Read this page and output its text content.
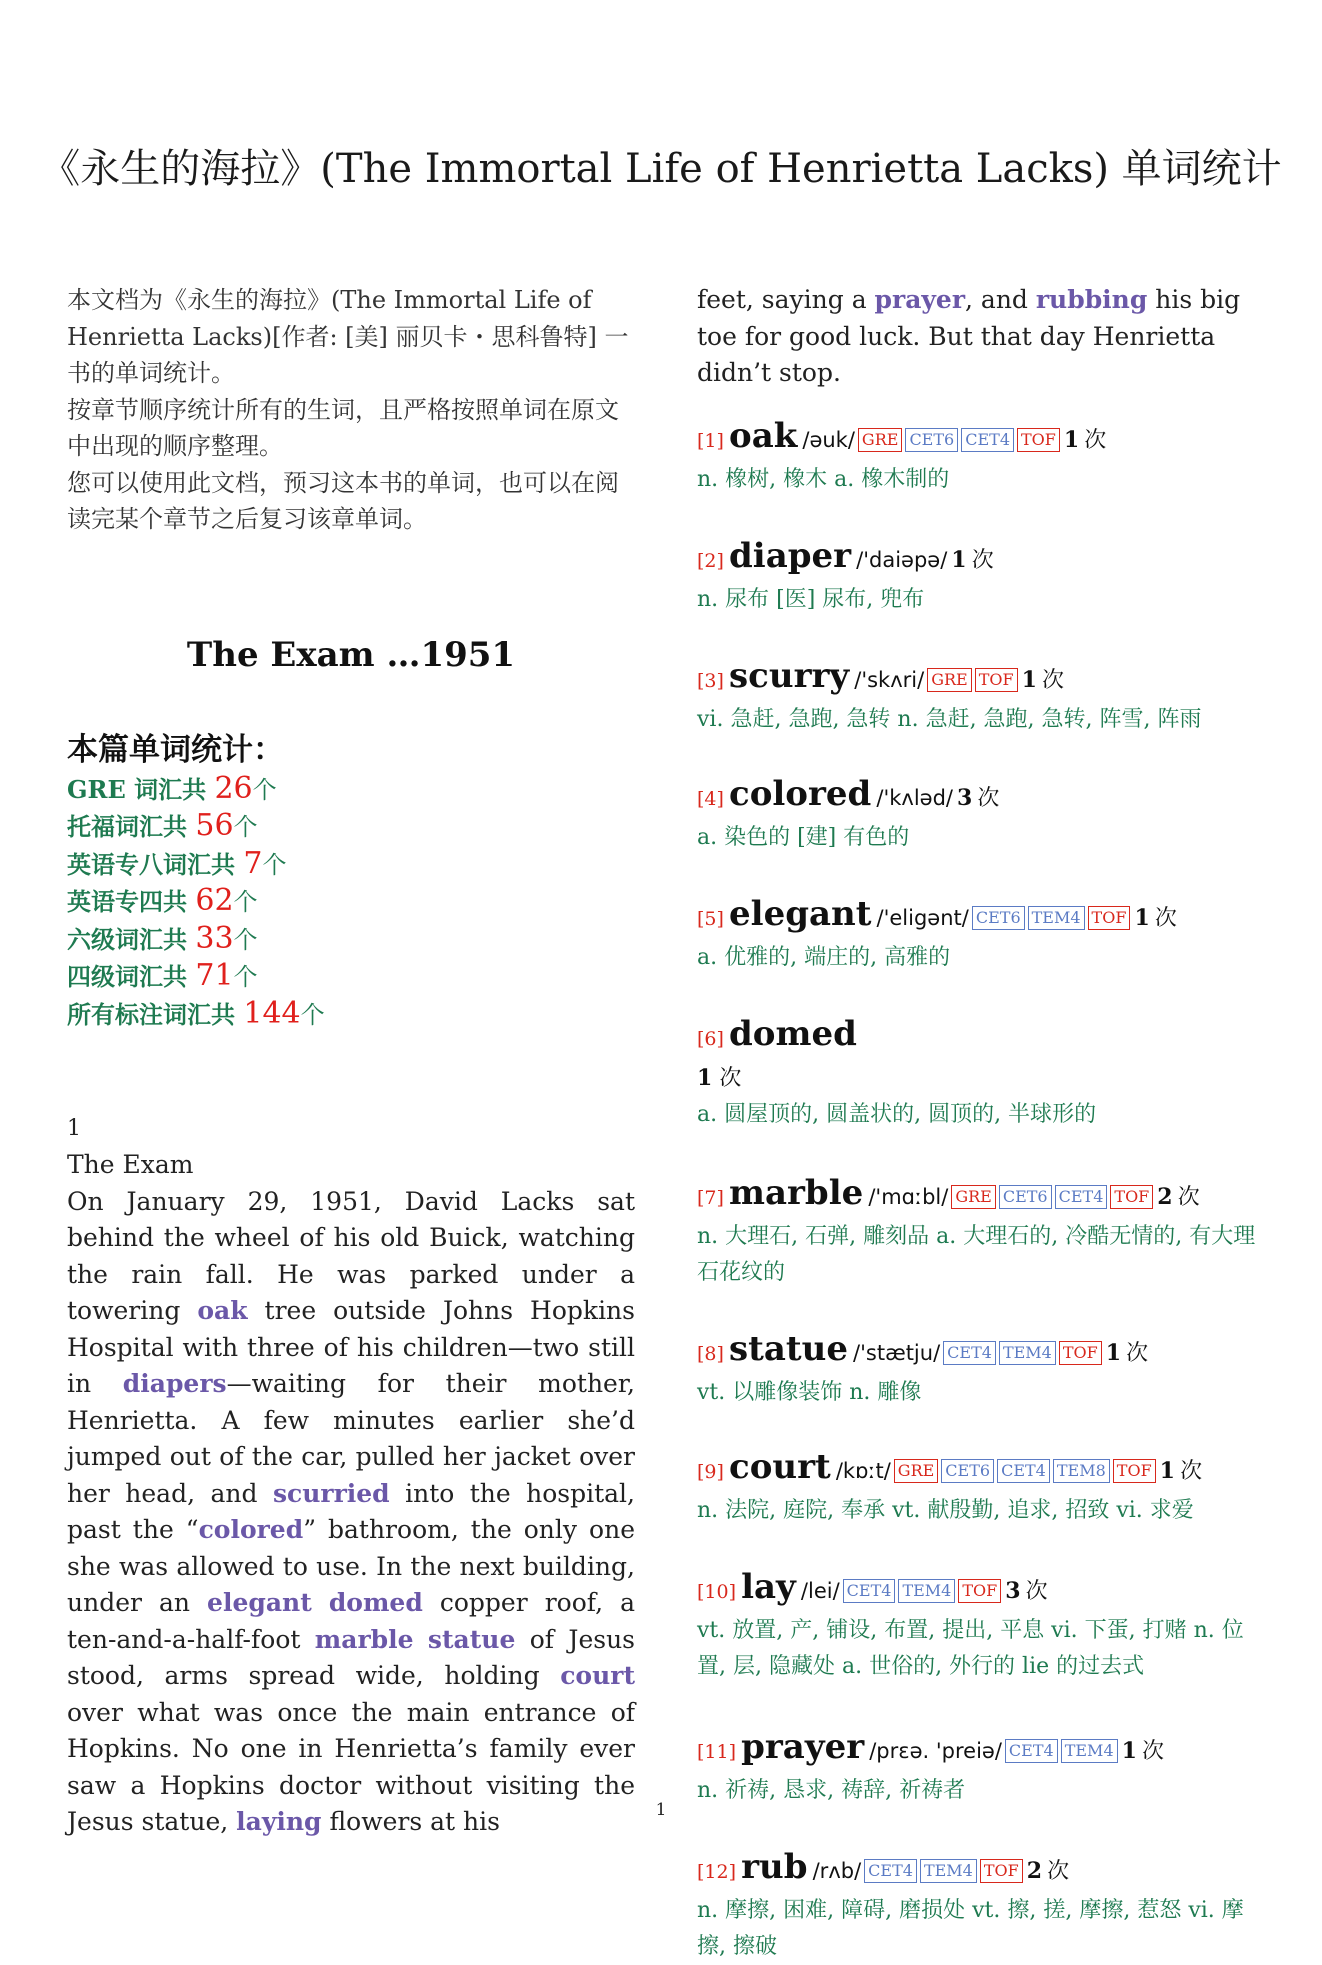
《永生的海拉》(The Immortal Life of Henrietta Lacks) 单词统计

本文档为《永生的海拉》(The Immortal Life of Henrietta Lacks)[作者: [美] 丽贝卡・思科鲁特] 一书的单词统计。

按章节顺序统计所有的生词，且严格按照单词在原文中出现的顺序整理。

您可以使用此文档，预习这本书的单词，也可以在阅读完某个章节之后复习该章单词。

The Exam …1951
本篇单词统计：
GRE 词汇共 26个
托福词汇共 56个
英语专八词汇共 7个
英语专四共 62个
六级词汇共 33个
四级词汇共 71个
所有标注词汇共 144个
1
The Exam
On January 29, 1951, David Lacks sat behind the wheel of his old Buick, watching the rain fall. He was parked under a towering oak tree outside Johns Hopkins Hospital with three of his children—two still in diapers—waiting for their mother, Henrietta. A few minutes earlier she’d jumped out of the car, pulled her jacket over her head, and scurried into the hospital, past the “colored” bathroom, the only one she was allowed to use. In the next building, under an elegant domed copper roof, a ten-and-a-half-foot marble statue of Jesus stood, arms spread wide, holding court over what was once the main entrance of Hopkins. No one in Henrietta’s family ever saw a Hopkins doctor without visiting the Jesus statue, laying flowers at his
feet, saying a prayer, and rubbing his big toe for good luck. But that day Henrietta didn’t stop.
[1] oak /əuk/ GRE CET6 CET4 TOF 1 次
n. 橡树, 橡木 a. 橡木制的
[2] diaper /'daiəpə/ 1 次
n. 尿布 [医] 尿布, 兜布
[3] scurry /'skʌri/ GRE TOF 1 次
vi. 急赶, 急跑, 急转 n. 急赶, 急跑, 急转, 阵雪, 阵雨
[4] colored /'kʌləd/ 3 次
a. 染色的 [建] 有色的
[5] elegant /'eligənt/ CET6 TEM4 TOF 1 次
a. 优雅的, 端庄的, 高雅的
[6] domed
1 次
a. 圆屋顶的, 圆盖状的, 圆顶的, 半球形的
[7] marble /'mɑːbl/ GRE CET6 CET4 TOF 2 次
n. 大理石, 石弹, 雕刻品 a. 大理石的, 冷酷无情的, 有大理石花纹的
[8] statue /'stætju/ CET4 TEM4 TOF 1 次
vt. 以雕像装饰 n. 雕像
[9] court /kɒːt/ GRE CET6 CET4 TEM8 TOF 1 次
n. 法院, 庭院, 奉承 vt. 献殷勤, 追求, 招致 vi. 求爱
[10] lay /lei/ CET4 TEM4 TOF 3 次
vt. 放置, 产, 铺设, 布置, 提出, 平息 vi. 下蛋, 打赌 n. 位置, 层, 隐藏处 a. 世俗的, 外行的 lie 的过去式
[11] prayer /prɛə. 'preiə/ CET4 TEM4 1 次
n. 祈祷, 恳求, 祷辞, 祈祷者
[12] rub /rʌb/ CET4 TEM4 TOF 2 次
n. 摩擦, 困难, 障碍, 磨损处 vt. 擦, 搓, 摩擦, 惹怒 vi. 摩擦, 擦破
1
